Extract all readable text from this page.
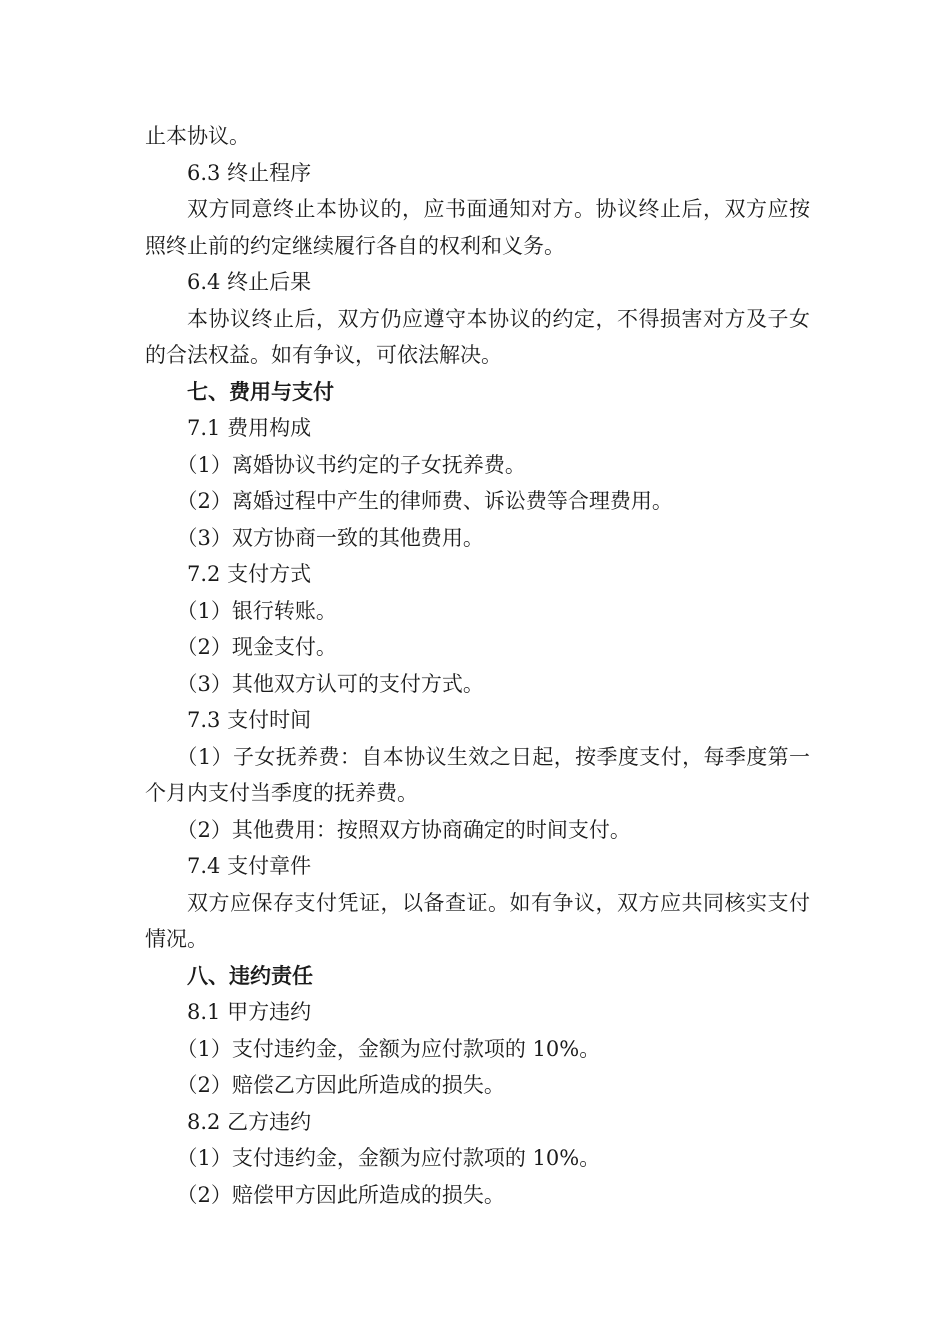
止本协议。

6.3 终止程序

双方同意终止本协议的，应书面通知对方。协议终止后，双方应按照终止前的约定继续履行各自的权利和义务。

6.4 终止后果

本协议终止后，双方仍应遵守本协议的约定，不得损害对方及子女的合法权益。如有争议，可依法解决。

七、费用与支付

7.1 费用构成

（1）离婚协议书约定的子女抚养费。

（2）离婚过程中产生的律师费、诉讼费等合理费用。

（3）双方协商一致的其他费用。

7.2 支付方式

（1）银行转账。

（2）现金支付。

（3）其他双方认可的支付方式。

7.3 支付时间

（1）子女抚养费：自本协议生效之日起，按季度支付，每季度第一个月内支付当季度的抚养费。

（2）其他费用：按照双方协商确定的时间支付。

7.4 支付章件

双方应保存支付凭证，以备查证。如有争议，双方应共同核实支付情况。

八、违约责任

8.1 甲方违约

（1）支付违约金，金额为应付款项的 10%。

（2）赔偿乙方因此所造成的损失。

8.2 乙方违约

（1）支付违约金，金额为应付款项的 10%。

（2）赔偿甲方因此所造成的损失。
